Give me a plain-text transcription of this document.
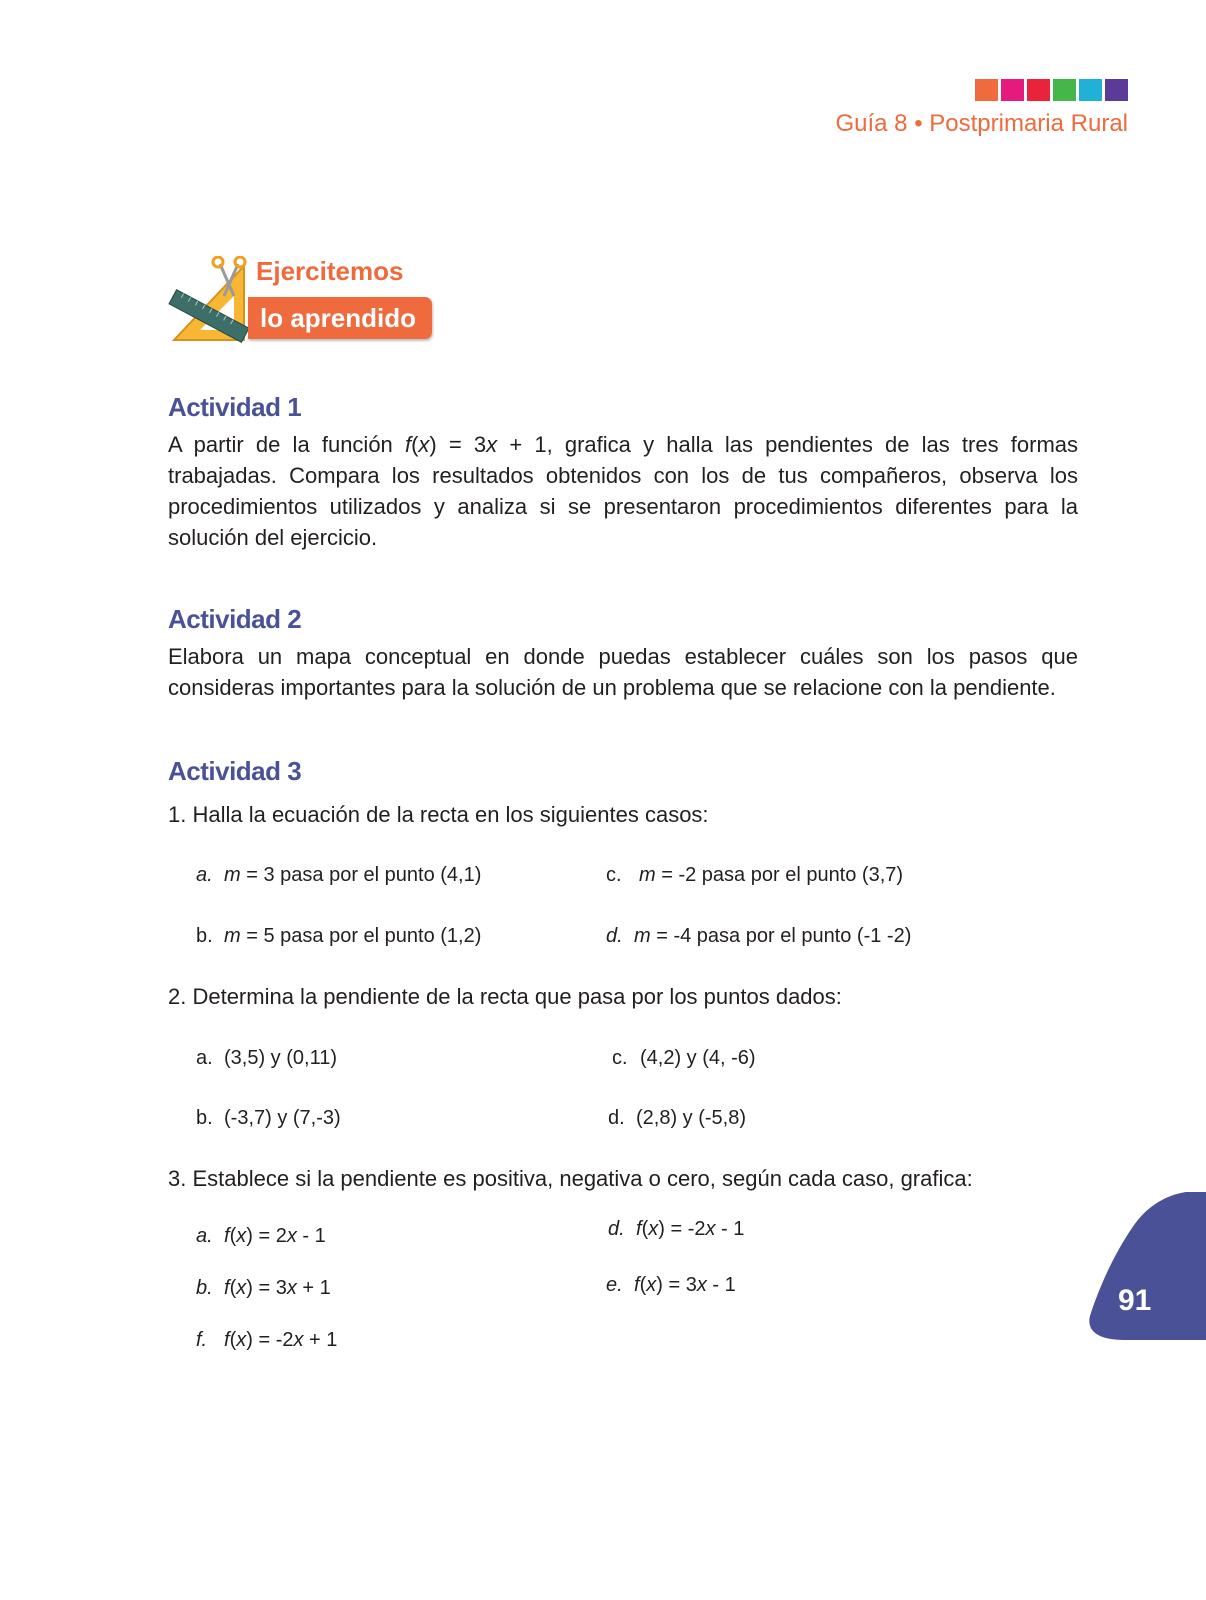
Guía 8 • Postprimaria Rural
Ejercitemos
lo aprendido
Actividad 1

A partir de la función f(x) = 3x + 1, grafica y halla las pendientes de las tres formas trabajadas. Compara los resultados obtenidos con los de tus compañeros, observa los procedimientos utilizados y analiza si se presentaron procedimientos diferentes para la solución del ejercicio.

Actividad 2

Elabora un mapa conceptual en donde puedas establecer cuáles son los pasos que consideras importantes para la solución de un problema que se relacione con la pendiente.

Actividad 3
1. Halla la ecuación de la recta en los siguientes casos:
a. m = 3 pasa por el punto (4,1)
b. m = 5 pasa por el punto (1,2)
c. m = -2 pasa por el punto (3,7)
d. m = -4 pasa por el punto (-1 -2)
2. Determina la pendiente de la recta que pasa por los puntos dados:
a. (3,5) y (0,11)
b. (-3,7) y (7,-3)
c. (4,2) y (4, -6)
d. (2,8) y (-5,8)
3. Establece si la pendiente es positiva, negativa o cero, según cada caso, grafica:
a. f(x) = 2x - 1
b. f(x) = 3x + 1
f. f(x) = -2x + 1
d. f(x) = -2x - 1
e. f(x) = 3x - 1	91
